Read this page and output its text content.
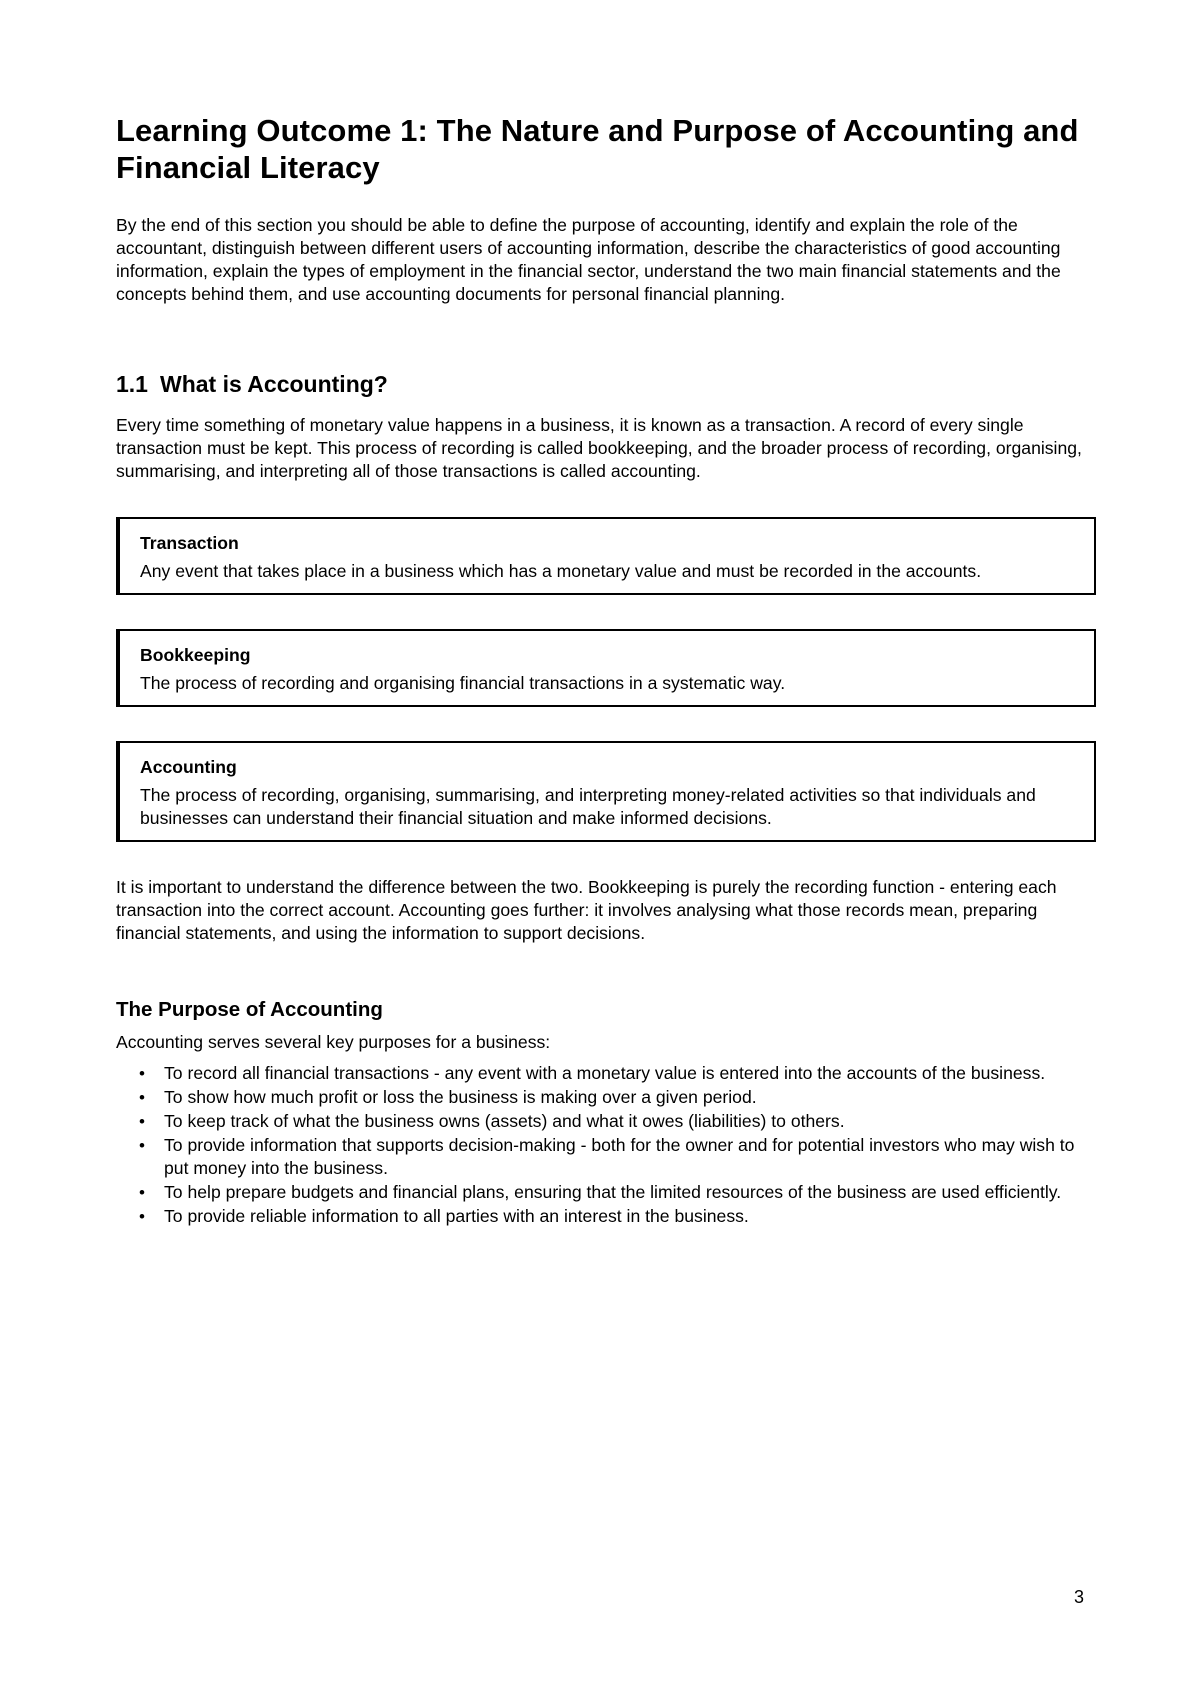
Learning Outcome 1: The Nature and Purpose of Accounting and Financial Literacy

By the end of this section you should be able to define the purpose of accounting, identify and explain the role of the accountant, distinguish between different users of accounting information, describe the characteristics of good accounting information, explain the types of employment in the financial sector, understand the two main financial statements and the concepts behind them, and use accounting documents for personal financial planning.

1.1 What is Accounting?

Every time something of monetary value happens in a business, it is known as a transaction. A record of every single transaction must be kept. This process of recording is called bookkeeping, and the broader process of recording, organising, summarising, and interpreting all of those transactions is called accounting.

Transaction

Any event that takes place in a business which has a monetary value and must be recorded in the accounts.

Bookkeeping

The process of recording and organising financial transactions in a systematic way.

Accounting

The process of recording, organising, summarising, and interpreting money-related activities so that individuals and businesses can understand their financial situation and make informed decisions.

It is important to understand the difference between the two. Bookkeeping is purely the recording function - entering each transaction into the correct account. Accounting goes further: it involves analysing what those records mean, preparing financial statements, and using the information to support decisions.

The Purpose of Accounting

Accounting serves several key purposes for a business:

• To record all financial transactions - any event with a monetary value is entered into the accounts of the business.
• To show how much profit or loss the business is making over a given period.
• To keep track of what the business owns (assets) and what it owes (liabilities) to others.
• To provide information that supports decision-making - both for the owner and for potential investors who may wish to put money into the business.
• To help prepare budgets and financial plans, ensuring that the limited resources of the business are used efficiently.
• To provide reliable information to all parties with an interest in the business.
3
